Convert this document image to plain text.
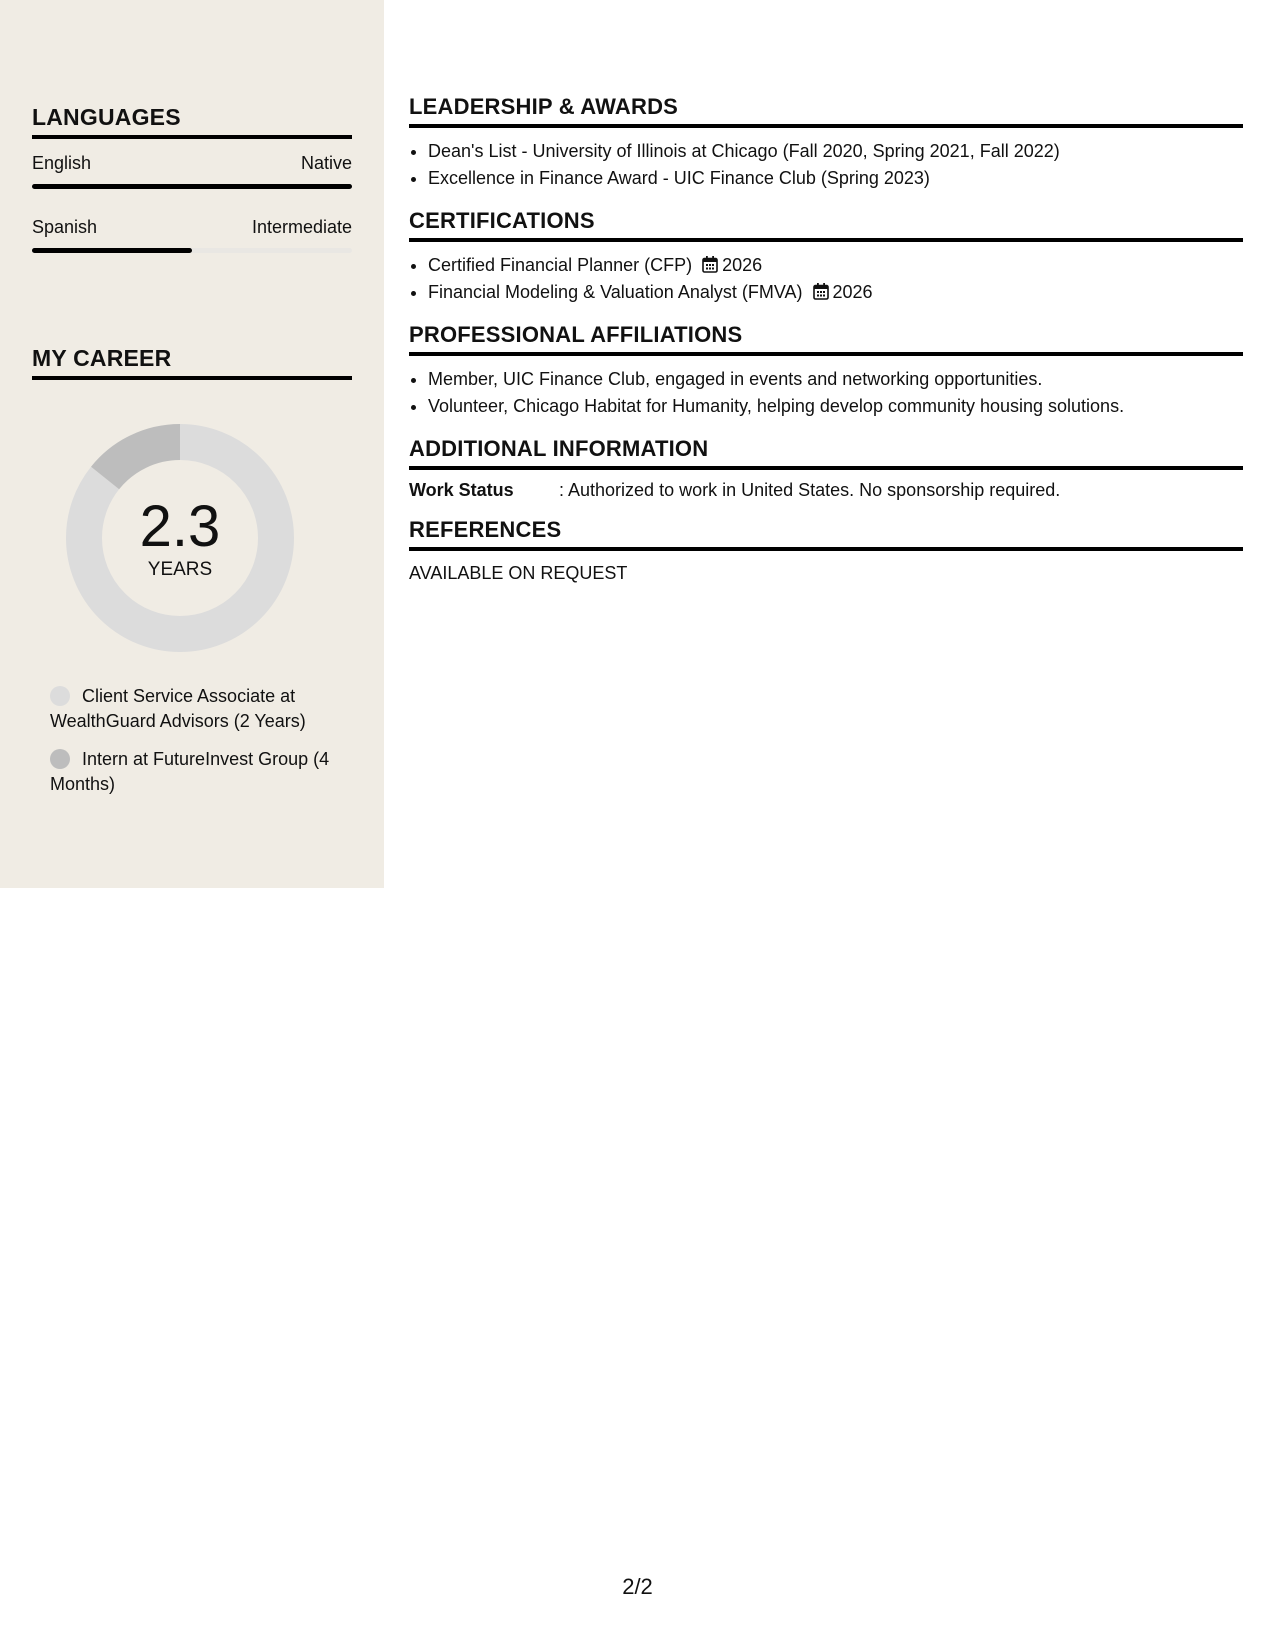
LANGUAGES
English	Native
Spanish	Intermediate
MY CAREER
2.3
YEARS
Client Service Associate at WealthGuard Advisors (2 Years)
Intern at FutureInvest Group (4 Months)
LEADERSHIP & AWARDS
• Dean's List - University of Illinois at Chicago (Fall 2020, Spring 2021, Fall 2022)
• Excellence in Finance Award - UIC Finance Club (Spring 2023)
CERTIFICATIONS
• Certified Financial Planner (CFP) 2026
• Financial Modeling & Valuation Analyst (FMVA) 2026
PROFESSIONAL AFFILIATIONS
• Member, UIC Finance Club, engaged in events and networking opportunities.
• Volunteer, Chicago Habitat for Humanity, helping develop community housing solutions.
ADDITIONAL INFORMATION
Work Status	: Authorized to work in United States. No sponsorship required.
REFERENCES
AVAILABLE ON REQUEST
2/2
